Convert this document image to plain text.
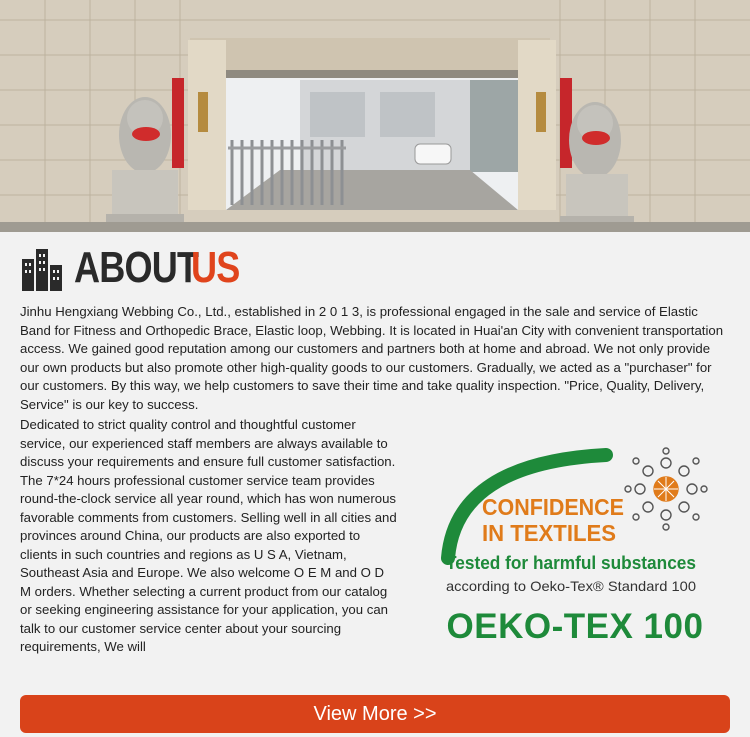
ABOUT
US
Jinhu Hengxiang Webbing Co., Ltd., established in 2 0 1 3, is professional engaged in the sale and service of Elastic Band for Fitness and Orthopedic Brace, Elastic loop, Webbing. It is located in Huai'an City with convenient transportation access. We gained good reputation among our customers and partners both at home and abroad. We not only provide our own products but also promote other high-quality goods to our customers. Gradually, we acted as a "purchaser" for our customers. By this way, we help customers to save their time and take quality inspection. "Price, Quality, Delivery, Service" is our key to success.
Dedicated to strict quality control and thoughtful customer service, our experienced staff members are always available to discuss your requirements and ensure full customer satisfaction. The 7*24 hours professional customer service team provides round-the-clock service all year round, which has won numerous favorable comments from customers. Selling well in all cities and provinces around China, our products are also exported to clients in such countries and regions as U S A, Vietnam, Southeast Asia and Europe. We also welcome O E M and O D M orders. Whether selecting a current product from our catalog or seeking engineering assistance for your application, you can talk to our customer service center about your sourcing requirements, We will
CONFIDENCE
IN TEXTILES
Tested for harmful substances
according to Oeko-Tex® Standard 100
OEKO-TEX 100
View More >>
